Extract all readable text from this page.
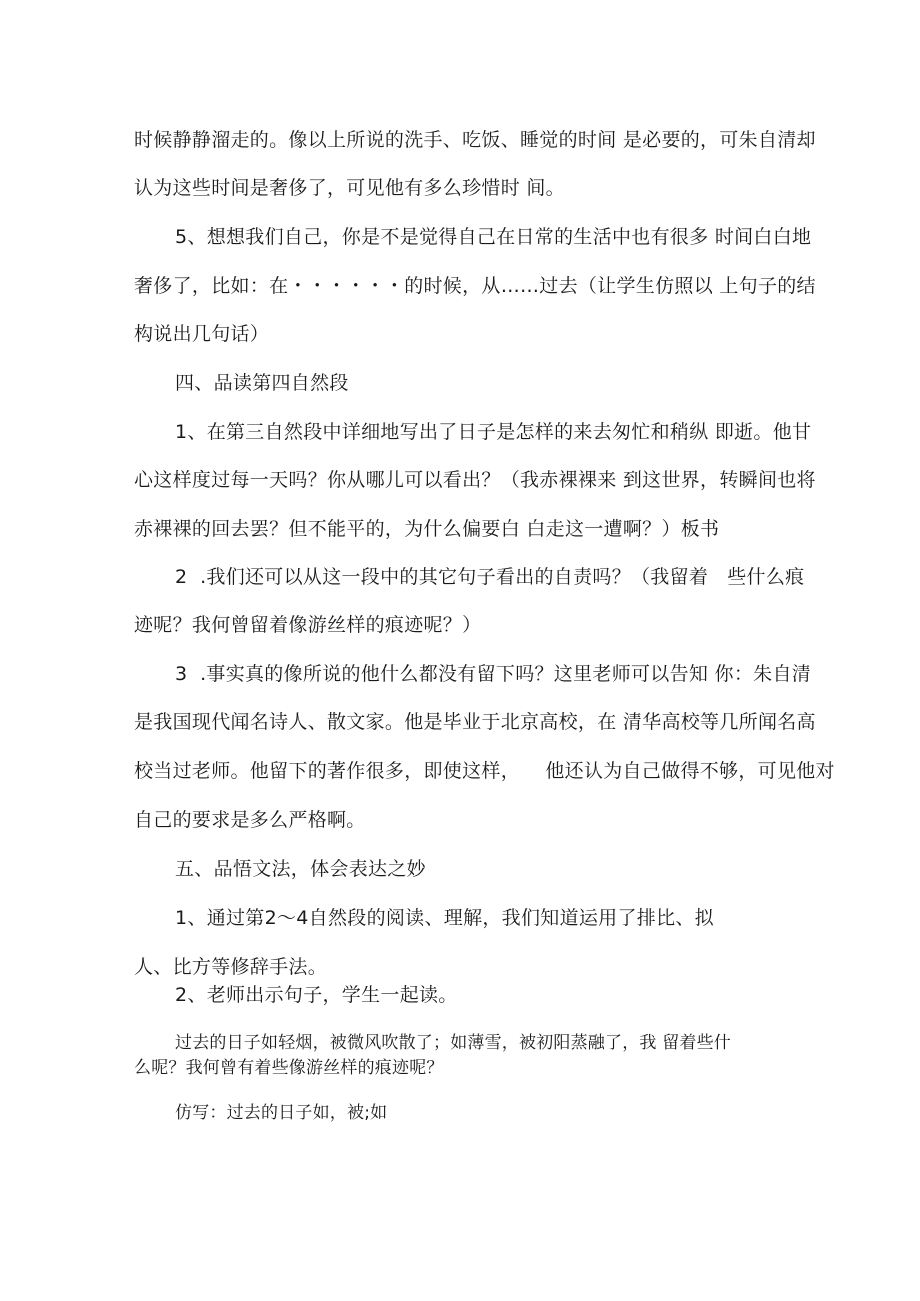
时候静静溜走的。像以上所说的洗手、吃饭、睡觉的时间 是必要的，可朱自清却
认为这些时间是奢侈了，可见他有多么珍惜时 间。
5、想想我们自己，你是不是觉得自己在日常的生活中也有很多 时间白白地
奢侈了，比如：在・・・・・・的时候，从……过去（让学生仿照以 上句子的结
构说出几句话）
四、品读第四自然段
1、在第三自然段中详细地写出了日子是怎样的来去匆忙和稍纵 即逝。他甘
心这样度过每一天吗？你从哪儿可以看出？（我赤裸裸来 到这世界，转瞬间也将
赤裸裸的回去罢？但不能平的，为什么偏要白 白走这一遭啊？）板书
2  .我们还可以从这一段中的其它句子看出的自责吗？（我留着   些什么痕
迹呢？我何曾留着像游丝样的痕迹呢？）
3  .事实真的像所说的他什么都没有留下吗？这里老师可以告知 你：朱自清
是我国现代闻名诗人、散文家。他是毕业于北京高校，在 清华高校等几所闻名高
校当过老师。他留下的著作很多，即使这样，    他还认为自己做得不够，可见他对
自己的要求是多么严格啊。
五、品悟文法，体会表达之妙
1、通过第2～4自然段的阅读、理解，我们知道运用了排比、拟
人、比方等修辞手法。
2、老师出示句子，学生一起读。
过去的日子如轻烟，被微风吹散了；如薄雪，被初阳蒸融了，我 留着些什
么呢？我何曾有着些像游丝样的痕迹呢？
仿写：过去的日子如，被;如
